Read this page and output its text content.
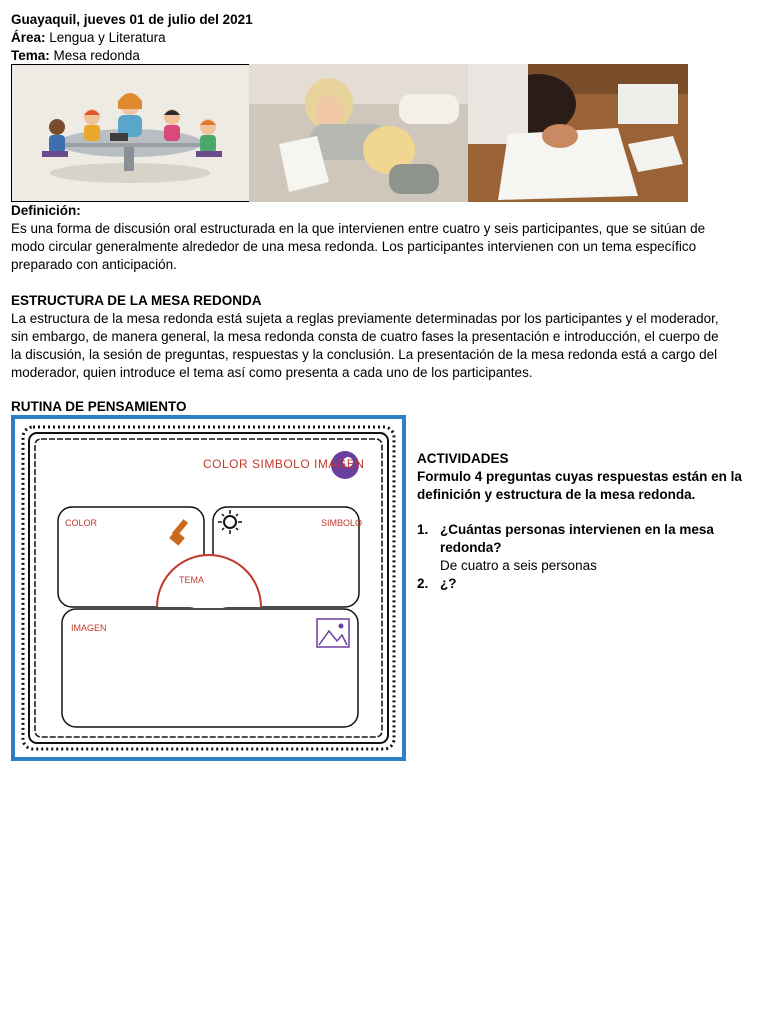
Guayaquil, jueves 01 de julio del 2021
Área: Lengua y Literatura
Tema: Mesa redonda
Definición:
Es una forma de discusión oral estructurada en la que intervienen entre cuatro y seis participantes, que se sitúan de
modo circular generalmente alrededor de una mesa redonda. Los participantes intervienen con un tema específico
preparado con anticipación.
ESTRUCTURA DE LA MESA REDONDA
La estructura de la mesa redonda está sujeta a reglas previamente determinadas por los participantes y el moderador,
sin embargo, de manera general, la mesa redonda consta de cuatro fases la presentación e introducción, el cuerpo de
la discusión, la sesión de preguntas, respuestas y la conclusión. La presentación de la mesa redonda está a cargo del
moderador, quien introduce el tema así como presenta a cada uno de los participantes.
RUTINA DE PENSAMIENTO
COLOR SIMBOLO IMAGEN
COLOR	SIMBOLO
TEMA
IMAGEN
ACTIVIDADES
Formulo 4 preguntas cuyas respuestas están en la
definición y estructura de la mesa redonda.
1. ¿Cuántas personas intervienen en la mesa
redonda?
De cuatro a seis personas
2. ¿?
